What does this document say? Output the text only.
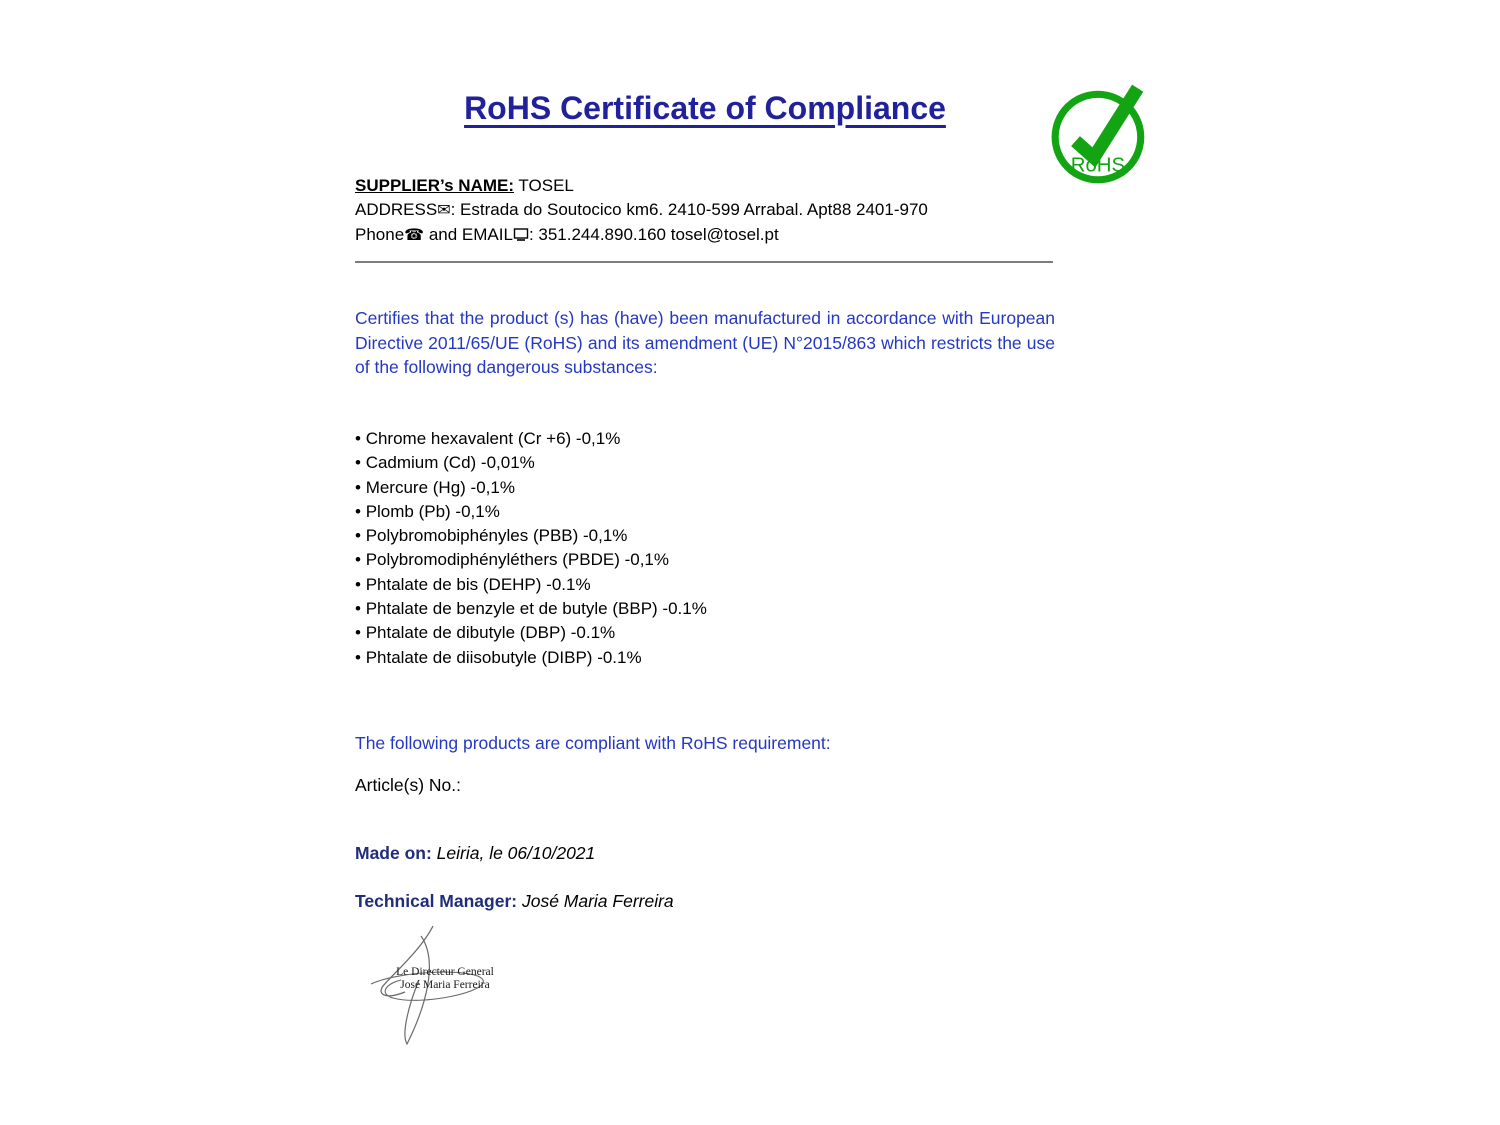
RoHS Certificate of Compliance
RoHS
SUPPLIER’s NAME: TOSEL
ADDRESS✉: Estrada do Soutocico km6. 2410-599 Arrabal. Apt88 2401-970
Phone☎ and EMAIL : 351.244.890.160 tosel@tosel.pt
Certifies that the product (s) has (have) been manufactured in accordance with European Directive 2011/65/UE (RoHS) and its amendment (UE) N°2015/863 which restricts the use of the following dangerous substances:
• Chrome hexavalent (Cr +6) -0,1%
• Cadmium (Cd) -0,01%
• Mercure (Hg) -0,1%
• Plomb (Pb) -0,1%
• Polybromobiphényles (PBB) -0,1%
• Polybromodiphényléthers (PBDE) -0,1%
• Phtalate de bis (DEHP) -0.1%
• Phtalate de benzyle et de butyle (BBP) -0.1%
• Phtalate de dibutyle (DBP) -0.1%
• Phtalate de diisobutyle (DIBP) -0.1%
The following products are compliant with RoHS requirement:
Article(s) No.:
Made on: Leiria, le 06/10/2021
Technical Manager: José Maria Ferreira
Le Directeur General
José Maria Ferreira
